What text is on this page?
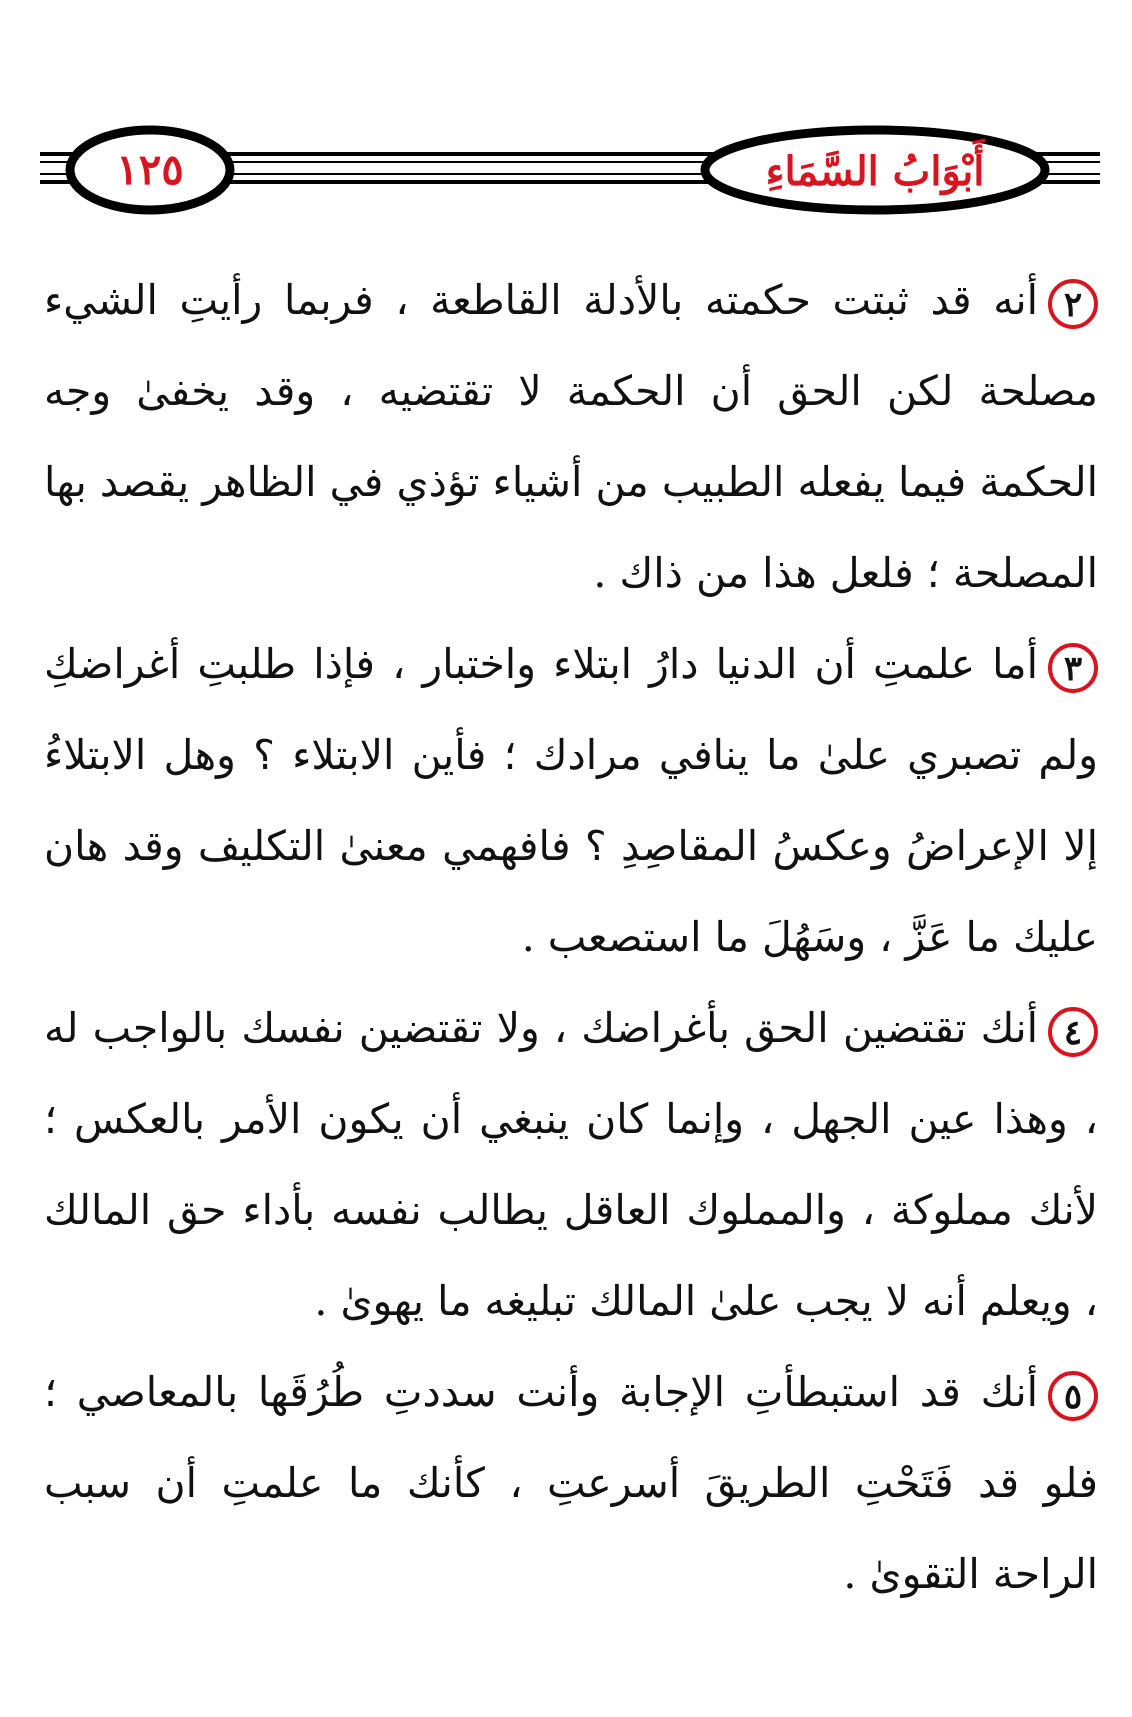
١٢٥	أَبْوَابُ السَّمَاءِ

٢أنه قد ثبتت حكمته بالأدلة القاطعة ، فربما رأيتِ الشيء مصلحة لكن الحق أن الحكمة لا تقتضيه ، وقد يخفىٰ وجه الحكمة فيما يفعله الطبيب من أشياء تؤذي في الظاهر يقصد بها المصلحة ؛ فلعل هذا من ذاك .

٣أما علمتِ أن الدنيا دارُ ابتلاء واختبار ، فإذا طلبتِ أغراضكِ ولم تصبري علىٰ ما ينافي مرادك ؛ فأين الابتلاء ؟ وهل الابتلاءُ إلا الإعراضُ وعكسُ المقاصِدِ ؟ فافهمي معنىٰ التكليف وقد هان عليك ما عَزَّ ، وسَهُلَ ما استصعب .

٤أنك تقتضين الحق بأغراضك ، ولا تقتضين نفسك بالواجب له ، وهذا عين الجهل ، وإنما كان ينبغي أن يكون الأمر بالعكس ؛ لأنك مملوكة ، والمملوك العاقل يطالب نفسه بأداء حق المالك ، ويعلم أنه لا يجب علىٰ المالك تبليغه ما يهوىٰ .

٥أنك قد استبطأتِ الإجابة وأنت سددتِ طُرُقَها بالمعاصي ؛ فلو قد فَتَحْتِ الطريقَ أسرعتِ ، كأنك ما علمتِ أن سبب الراحة التقوىٰ .
